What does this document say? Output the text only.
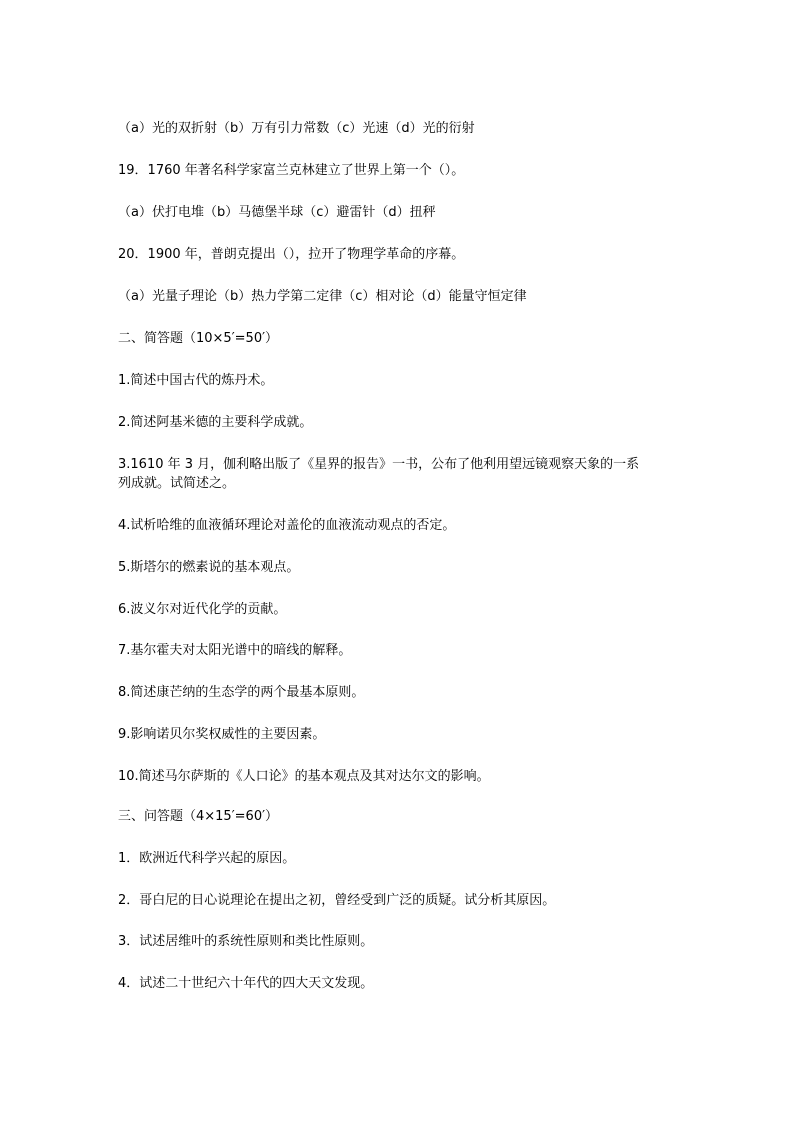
（a）光的双折射（b）万有引力常数（c）光速（d）光的衍射
19．1760 年著名科学家富兰克林建立了世界上第一个（）。
（a）伏打电堆（b）马德堡半球（c）避雷针（d）扭秤
20．1900 年，普朗克提出（），拉开了物理学革命的序幕。
（a）光量子理论（b）热力学第二定律（c）相对论（d）能量守恒定律
二、简答题（10×5′=50′）
1.简述中国古代的炼丹术。
2.简述阿基米德的主要科学成就。
3.1610 年 3 月，伽利略出版了《星界的报告》一书，公布了他利用望远镜观察天象的一系
列成就。试简述之。
4.试析哈维的血液循环理论对盖伦的血液流动观点的否定。
5.斯塔尔的燃素说的基本观点。
6.波义尔对近代化学的贡献。
7.基尔霍夫对太阳光谱中的暗线的解释。
8.简述康芒纳的生态学的两个最基本原则。
9.影响诺贝尔奖权威性的主要因素。
10.简述马尔萨斯的《人口论》的基本观点及其对达尔文的影响。
三、问答题（4×15′=60′）
1．欧洲近代科学兴起的原因。
2．哥白尼的日心说理论在提出之初，曾经受到广泛的质疑。试分析其原因。
3．试述居维叶的系统性原则和类比性原则。
4．试述二十世纪六十年代的四大天文发现。
